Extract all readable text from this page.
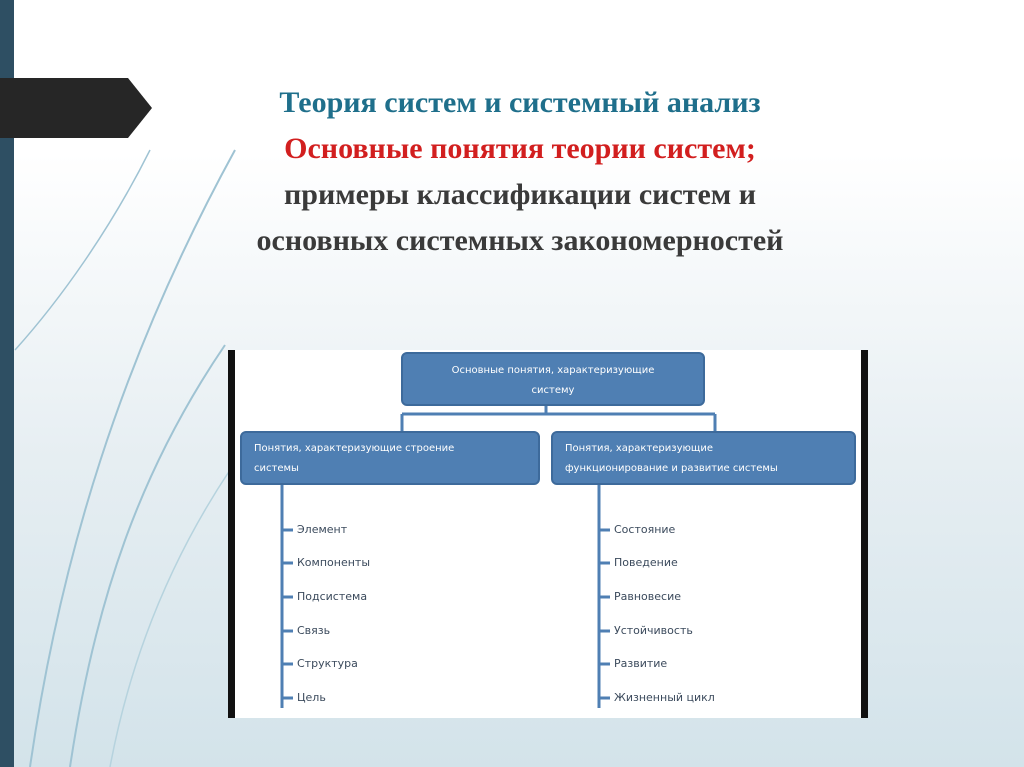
Теория систем и системный анализ
Основные понятия теории систем;
примеры классификации систем и
основных системных закономерностей
Основные понятия, характеризующие
систему
Понятия, характеризующие строение
системы
Понятия, характеризующие
функционирование и развитие системы
Элемент
Компоненты
Подсистема
Связь
Структура
Цель
Состояние
Поведение
Равновесие
Устойчивость
Развитие
Жизненный цикл
